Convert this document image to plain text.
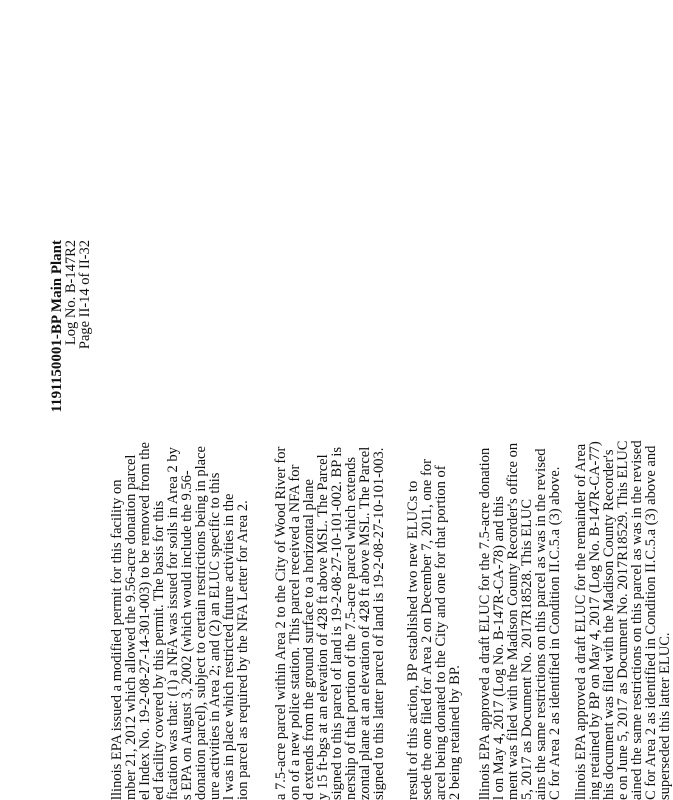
1191150001-BP Main Plant
Log No. B-147R2
Page II-14 of II-32
llinois EPA issued a modified permit for this facility on
mber 21, 2012 which allowed the 9.56-acre donation parcel
el Index No. 19-2-08-27-14-301-003) to be removed from the
ed facility covered by this permit. The basis for this
fication was that: (1) a NFA was issued for soils in Area 2 by
s EPA on August 3, 2002 (which would include the 9.56-
donation parcel), subject to certain restrictions being in place
ure activities in Area 2; and (2) an ELUC specific to this
l was in place which restricted future activities in the
ion parcel as required by the NFA Letter for Area 2. a 7.5-acre parcel within Area 2 to the City of Wood River for
on of a new police station. This parcel received a NFA for
d extends from the ground surface to a horizontal plane
y 15 ft-bgs at an elevation of 428 ft above MSL. The Parcel
signed to this parcel of land is 19-2-08-27-10-101-002. BP is
nership of that portion of the 7.5-acre parcel which extends
zontal plane at an elevation of 428 ft above MSL. The Parcel
signed to this latter parcel of land is 19-2-08-27-10-101-003. result of this action, BP established two new ELUCs to
sede the one filed for Area 2 on December 7, 2011, one for
arcel being donated to the City and one for that portion of
2 being retained by BP. llinois EPA approved a draft ELUC for the 7.5-acre donation
l on May 4, 2017 (Log No. B-147R-CA-78) and this
ment was filed with the Madison County Recorder's office on
5, 2017 as Document No. 2017R18528. This ELUC
ains the same restrictions on this parcel as was in the revised
C for Area 2 as identified in Condition II.C.5.a (3) above. llinois EPA approved a draft ELUC for the remainder of Area
ing retained by BP on May 4, 2017 (Log No. B-147R-CA-77)
his document was filed with the Madison County Recorder's
e on June 5, 2017 as Document No. 2017R18529. This ELUC
ained the same restrictions on this parcel as was in the revised
C for Area 2 as identified in Condition II.C.5.a (3) above and
superseded this latter ELUC.
